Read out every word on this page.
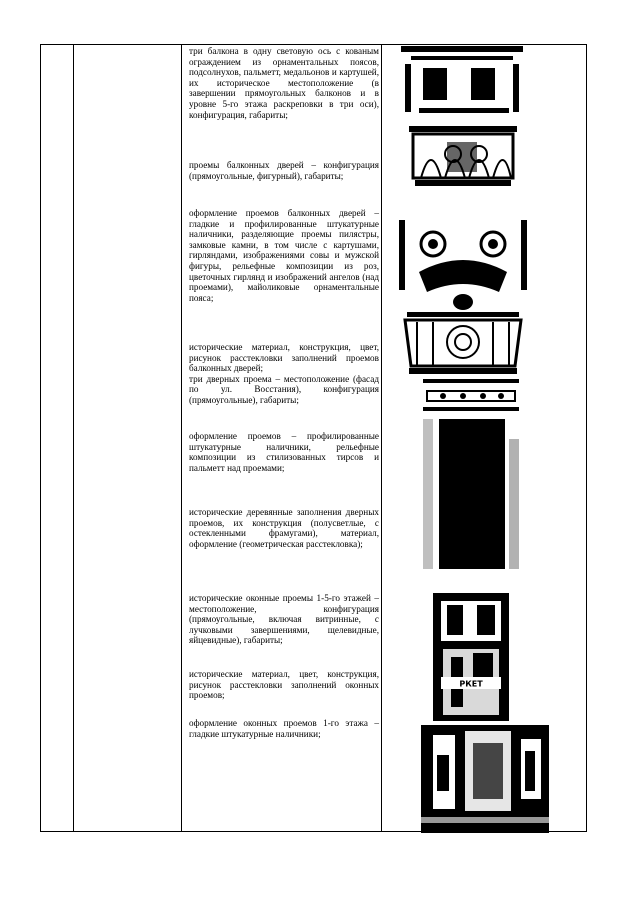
три балкона в одну световую ось с кованым ограждением из орнаментальных поясов, подсолнухов, пальметт, медальонов и картушей, их историческое местоположение (в завершении прямоугольных балконов и в уровне 5-го этажа раскреповки в три оси), конфигурация, габариты;

проемы балконных дверей – конфигурация (прямоугольные, фигурный), габариты;

оформление проемов балконных дверей – гладкие и профилированные штукатурные наличники, разделяющие проемы пилястры, замковые камни, в том числе с картушами, гирляндами, изображениями совы и мужской фигуры, рельефные композиции из роз, цветочных гирлянд и изображений ангелов (над проемами), майоликовые орнаментальные пояса;

исторические материал, конструкция, цвет, рисунок расстекловки заполнений проемов балконных дверей;
три дверных проема – местоположение (фасад по ул. Восстания), конфигурация (прямоугольные), габариты;

оформление проемов – профилированные штукатурные наличники, рельефные композиции из стилизованных тирсов и пальметт над проемами;

исторические деревянные заполнения дверных проемов, их конструкция (полусветлые, с остекленными фрамугами), материал, оформление (геометрическая расстекловка);

исторические оконные проемы 1-5-го этажей – местоположение, конфигурация (прямоугольные, включая витринные, с лучковыми завершениями, щелевидные, яйцевидные), габариты;

исторические материал, цвет, конструкция, рисунок расстекловки заполнений оконных проемов;

оформление оконных проемов 1-го этажа – гладкие штукатурные наличники;

РКЕТ
